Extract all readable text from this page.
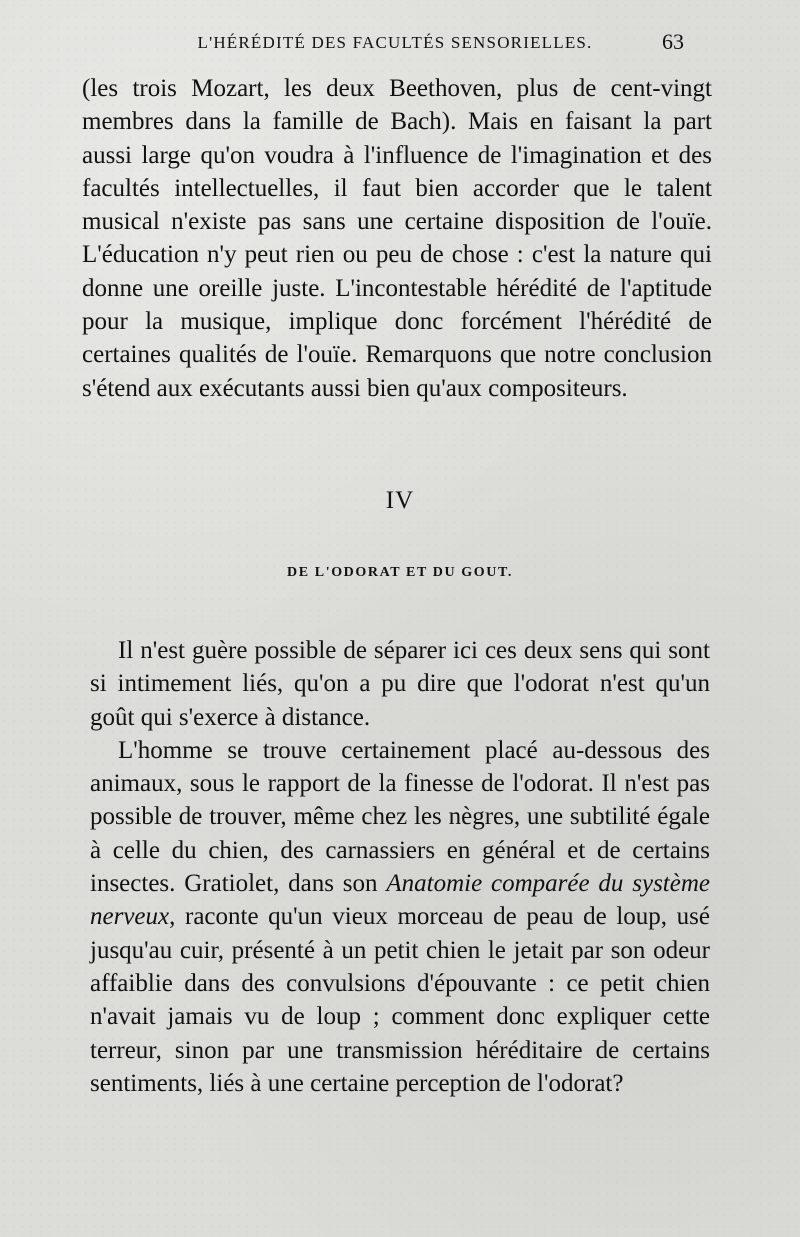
L'HÉRÉDITÉ DES FACULTÉS SENSORIELLES.	63

(les trois Mozart, les deux Beethoven, plus de cent-vingt membres dans la famille de Bach). Mais en faisant la part aussi large qu'on voudra à l'influence de l'imagination et des facultés intellectuelles, il faut bien accorder que le talent musical n'existe pas sans une certaine disposition de l'ouïe. L'éducation n'y peut rien ou peu de chose : c'est la nature qui donne une oreille juste. L'incontestable hérédité de l'aptitude pour la musique, implique donc forcément l'hérédité de certaines qualités de l'ouïe. Remarquons que notre conclusion s'étend aux exécutants aussi bien qu'aux compositeurs.

IV
DE L'ODORAT ET DU GOUT.

Il n'est guère possible de séparer ici ces deux sens qui sont si intimement liés, qu'on a pu dire que l'odorat n'est qu'un goût qui s'exerce à distance.

L'homme se trouve certainement placé au-dessous des animaux, sous le rapport de la finesse de l'odorat. Il n'est pas possible de trouver, même chez les nègres, une subtilité égale à celle du chien, des carnassiers en général et de certains insectes. Gratiolet, dans son Anatomie comparée du système nerveux, raconte qu'un vieux morceau de peau de loup, usé jusqu'au cuir, présenté à un petit chien le jetait par son odeur affaiblie dans des convulsions d'épouvante : ce petit chien n'avait jamais vu de loup ; comment donc expliquer cette terreur, sinon par une transmission héréditaire de certains sentiments, liés à une certaine perception de l'odorat?
